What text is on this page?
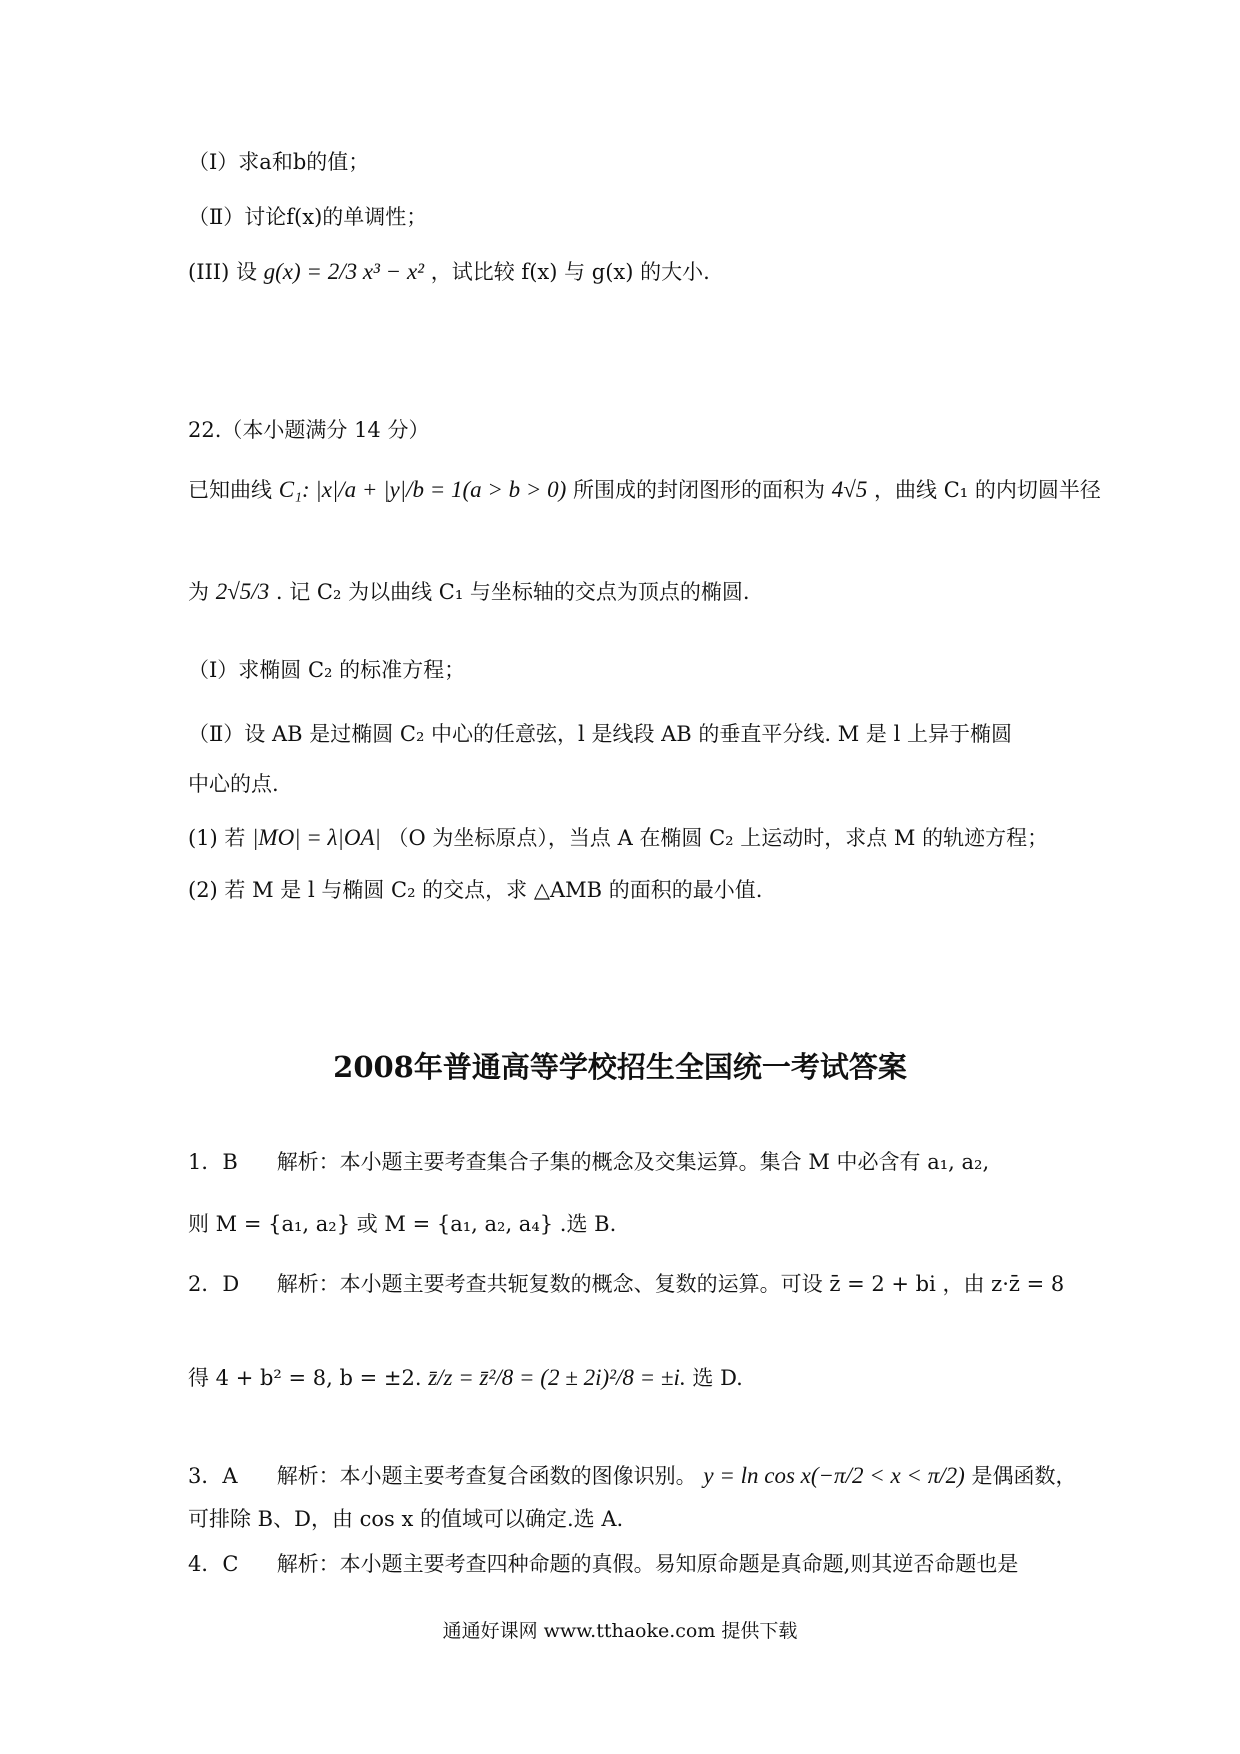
（Ⅰ）求a和b的值；
（Ⅱ）讨论f(x)的单调性；
(III) 设 g(x) = 2/3 x³ − x² ，试比较 f(x) 与 g(x) 的大小.
22.（本小题满分 14 分）
已知曲线 C₁: |x|/a + |y|/b = 1(a > b > 0) 所围成的封闭图形的面积为 4√5 ，曲线 C₁ 的内切圆半径
为 2√5/3 . 记 C₂ 为以曲线 C₁ 与坐标轴的交点为顶点的椭圆.
（Ⅰ）求椭圆 C₂ 的标准方程；
（Ⅱ）设 AB 是过椭圆 C₂ 中心的任意弦，l 是线段 AB 的垂直平分线. M 是 l 上异于椭圆
中心的点.
(1) 若 |MO| = λ|OA| （O 为坐标原点），当点 A 在椭圆 C₂ 上运动时，求点 M 的轨迹方程；
(2) 若 M 是 l 与椭圆 C₂ 的交点，求 △AMB 的面积的最小值.
2008年普通高等学校招生全国统一考试答案
1．B 解析：本小题主要考查集合子集的概念及交集运算。集合 M 中必含有 a₁, a₂,
则 M = {a₁, a₂} 或 M = {a₁, a₂, a₄} .选 B.
2．D 解析：本小题主要考查共轭复数的概念、复数的运算。可设 z̄ = 2 + bi ，由 z·z̄ = 8
得 4 + b² = 8, b = ±2. z̄/z = z̄²/8 = (2 ± 2i)²/8 = ±i. 选 D.
3．A 解析：本小题主要考查复合函数的图像识别。 y = ln cos x(−π/2 < x < π/2) 是偶函数，
可排除 B、D，由 cos x 的值域可以确定.选 A.
4．C 解析：本小题主要考查四种命题的真假。易知原命题是真命题,则其逆否命题也是
通通好课网 www.tthaoke.com 提供下载
